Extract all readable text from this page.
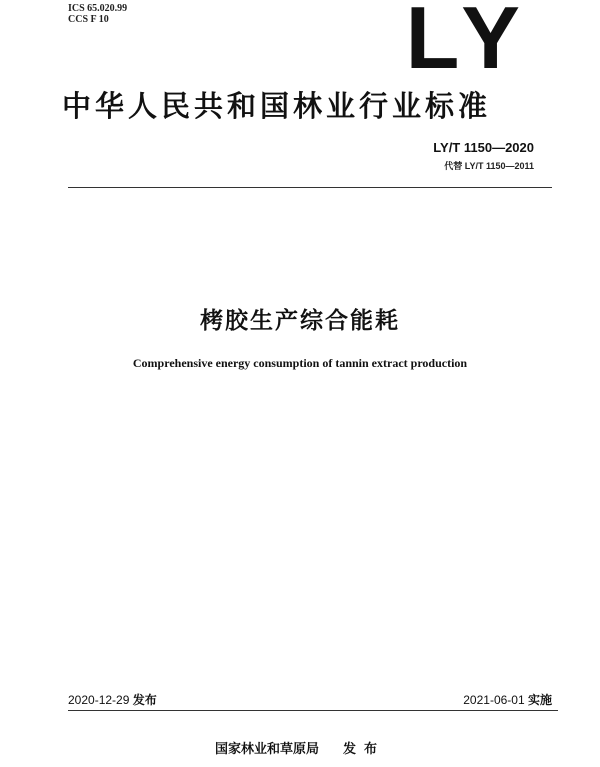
ICS 65.020.99
CCS F 10	LY
中华人民共和国林业行业标准
LY/T 1150—2020
代替 LY/T 1150—2011
栲胶生产综合能耗
Comprehensive energy consumption of tannin extract production
2020-12-29 发布	2021-06-01 实施
国家林业和草原局 发布
